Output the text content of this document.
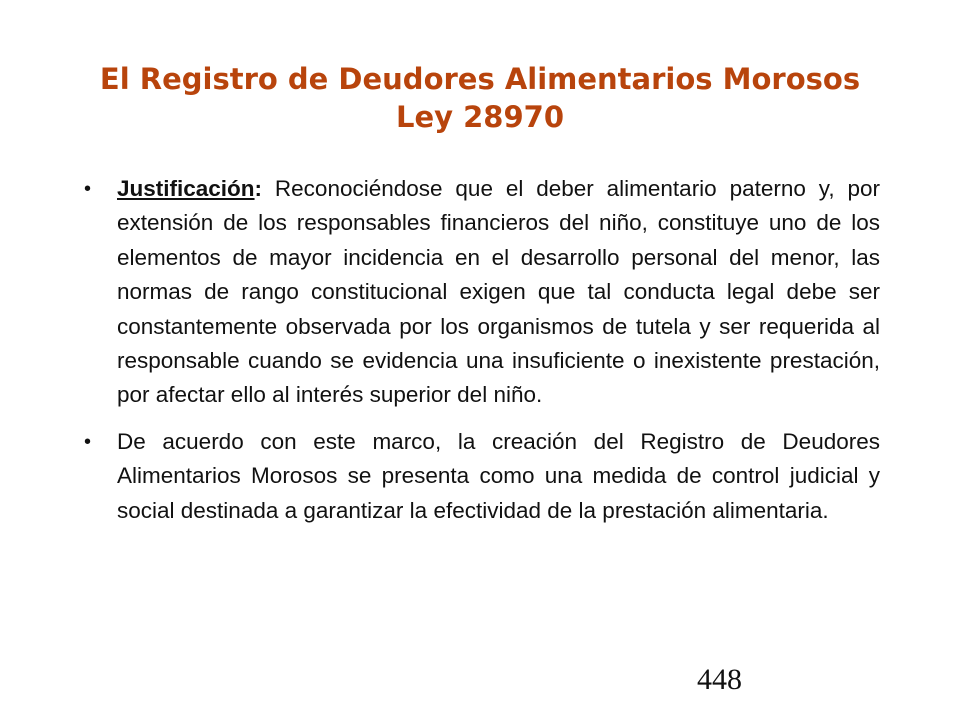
El Registro de Deudores Alimentarios Morosos
Ley 28970
• Justificación: Reconociéndose que el deber alimentario paterno y, por extensión de los responsables financieros del niño, constituye uno de los elementos de mayor incidencia en el desarrollo personal del menor, las normas de rango constitucional exigen que tal conducta legal debe ser constantemente observada por los organismos de tutela y ser requerida al responsable cuando se evidencia una insuficiente o inexistente prestación, por afectar ello al interés superior del niño.
• De acuerdo con este marco, la creación del Registro de Deudores Alimentarios Morosos se presenta como una medida de control judicial y social destinada a garantizar la efectividad de la prestación alimentaria.
448
